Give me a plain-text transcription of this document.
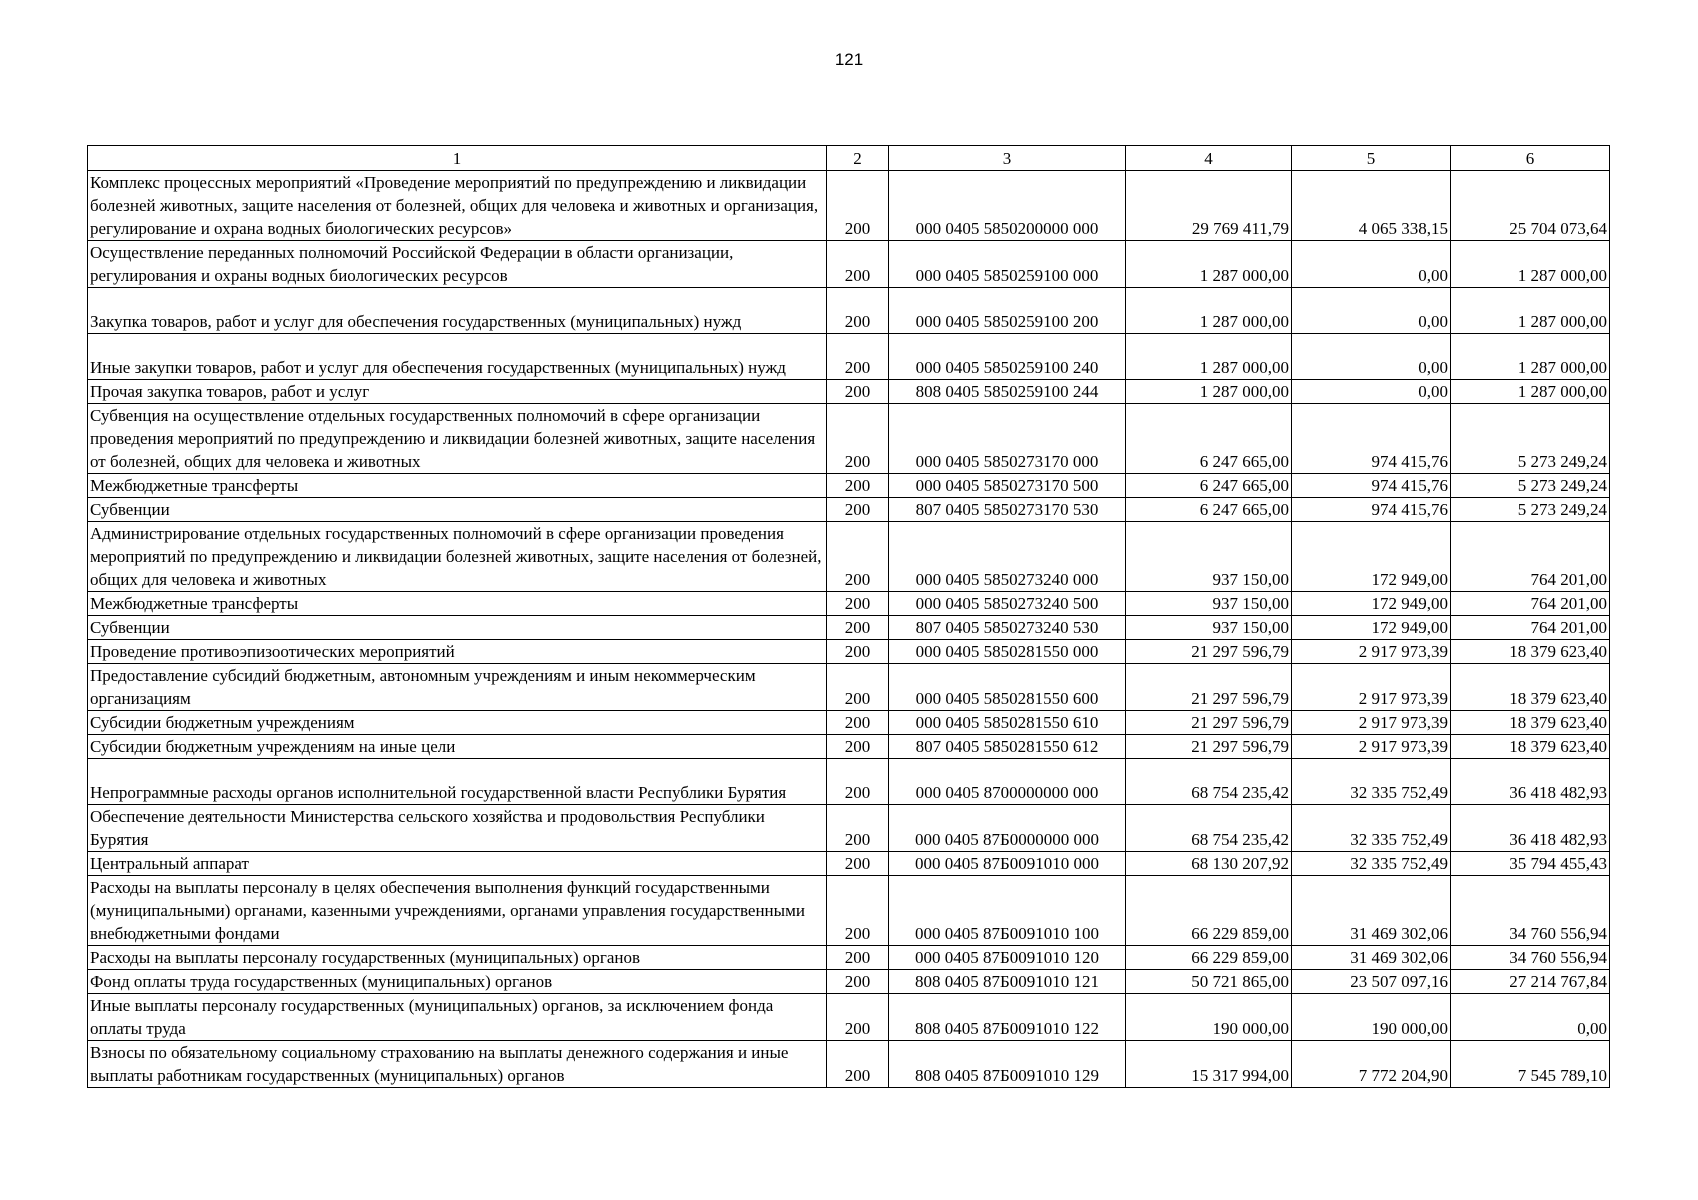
121
1	2	3	4	5	6
Комплекс процессных мероприятий «Проведение мероприятий по предупреждению и ликвидации болезней животных, защите населения от болезней, общих для человека и животных и организация, регулирование и охрана водных биологических ресурсов»	200	000 0405 5850200000 000	29 769 411,79	4 065 338,15	25 704 073,64
Осуществление переданных полномочий Российской Федерации в области организации, регулирования и охраны водных биологических ресурсов	200	000 0405 5850259100 000	1 287 000,00	0,00	1 287 000,00
Закупка товаров, работ и услуг для обеспечения государственных (муниципальных) нужд	200	000 0405 5850259100 200	1 287 000,00	0,00	1 287 000,00
Иные закупки товаров, работ и услуг для обеспечения государственных (муниципальных) нужд	200	000 0405 5850259100 240	1 287 000,00	0,00	1 287 000,00
Прочая закупка товаров, работ и услуг	200	808 0405 5850259100 244	1 287 000,00	0,00	1 287 000,00
Субвенция на осуществление отдельных государственных полномочий в сфере организации проведения мероприятий по предупреждению и ликвидации болезней животных, защите населения от болезней, общих для человека и животных	200	000 0405 5850273170 000	6 247 665,00	974 415,76	5 273 249,24
Межбюджетные трансферты	200	000 0405 5850273170 500	6 247 665,00	974 415,76	5 273 249,24
Субвенции	200	807 0405 5850273170 530	6 247 665,00	974 415,76	5 273 249,24
Администрирование отдельных государственных полномочий в сфере организации проведения мероприятий по предупреждению и ликвидации болезней животных, защите населения от болезней, общих для человека и животных	200	000 0405 5850273240 000	937 150,00	172 949,00	764 201,00
Межбюджетные трансферты	200	000 0405 5850273240 500	937 150,00	172 949,00	764 201,00
Субвенции	200	807 0405 5850273240 530	937 150,00	172 949,00	764 201,00
Проведение противоэпизоотических мероприятий	200	000 0405 5850281550 000	21 297 596,79	2 917 973,39	18 379 623,40
Предоставление субсидий бюджетным, автономным учреждениям и иным некоммерческим организациям	200	000 0405 5850281550 600	21 297 596,79	2 917 973,39	18 379 623,40
Субсидии бюджетным учреждениям	200	000 0405 5850281550 610	21 297 596,79	2 917 973,39	18 379 623,40
Субсидии бюджетным учреждениям на иные цели	200	807 0405 5850281550 612	21 297 596,79	2 917 973,39	18 379 623,40
Непрограммные расходы органов исполнительной государственной власти Республики Бурятия	200	000 0405 8700000000 000	68 754 235,42	32 335 752,49	36 418 482,93
Обеспечение деятельности Министерства сельского хозяйства и продовольствия Республики Бурятия	200	000 0405 87Б0000000 000	68 754 235,42	32 335 752,49	36 418 482,93
Центральный аппарат	200	000 0405 87Б0091010 000	68 130 207,92	32 335 752,49	35 794 455,43
Расходы на выплаты персоналу в целях обеспечения выполнения функций государственными (муниципальными) органами, казенными учреждениями, органами управления государственными внебюджетными фондами	200	000 0405 87Б0091010 100	66 229 859,00	31 469 302,06	34 760 556,94
Расходы на выплаты персоналу государственных (муниципальных) органов	200	000 0405 87Б0091010 120	66 229 859,00	31 469 302,06	34 760 556,94
Фонд оплаты труда государственных (муниципальных) органов	200	808 0405 87Б0091010 121	50 721 865,00	23 507 097,16	27 214 767,84
Иные выплаты персоналу государственных (муниципальных) органов, за исключением фонда оплаты труда	200	808 0405 87Б0091010 122	190 000,00	190 000,00	0,00
Взносы по обязательному социальному страхованию на выплаты денежного содержания и иные выплаты работникам государственных (муниципальных) органов	200	808 0405 87Б0091010 129	15 317 994,00	7 772 204,90	7 545 789,10
